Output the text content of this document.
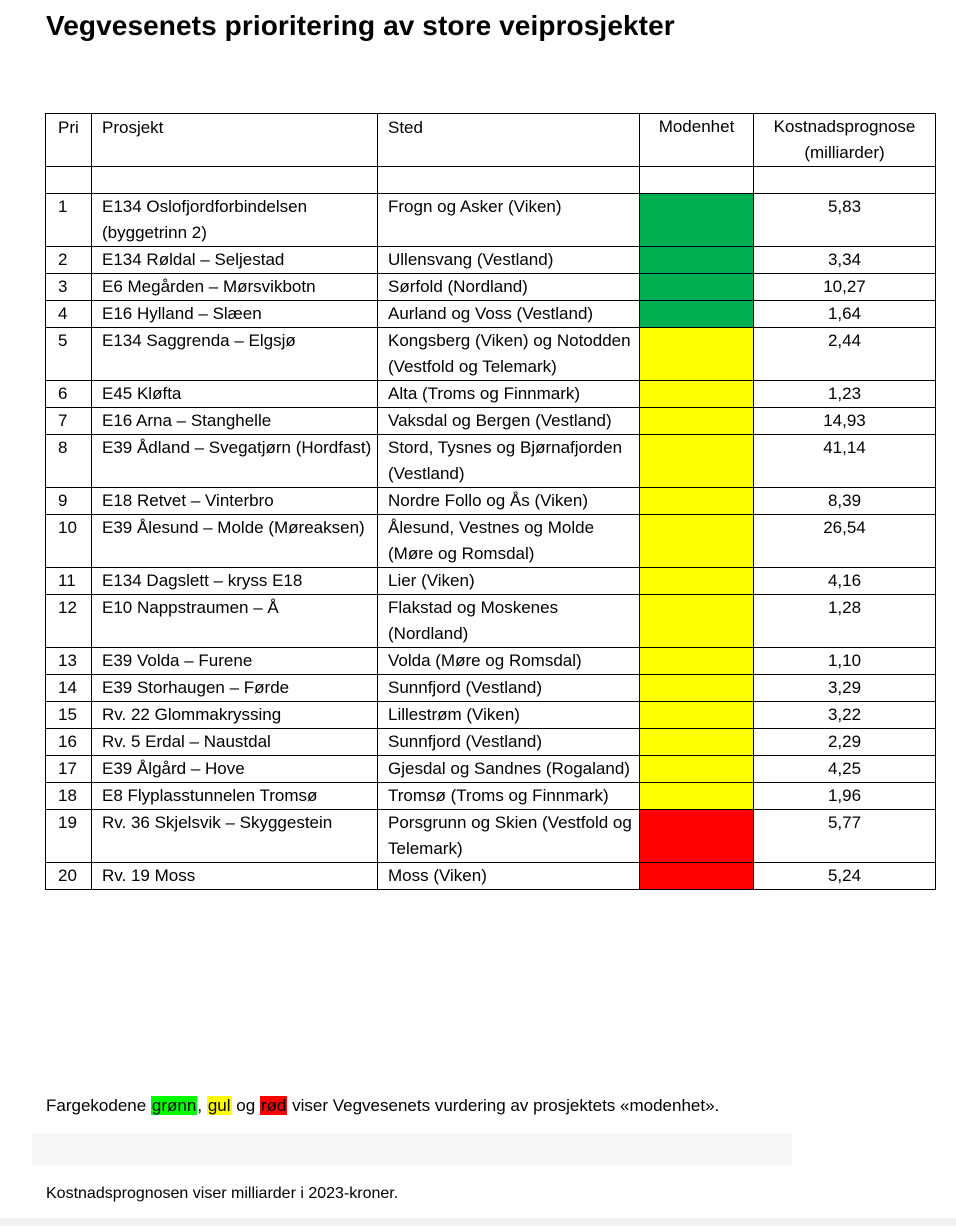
Vegvesenets prioritering av store veiprosjekter
Pri	Prosjekt	Sted	Modenhet	Kostnadsprognose (milliarder)

1	E134 Oslofjordforbindelsen (byggetrinn 2)	Frogn og Asker (Viken)		5,83
2	E134 Røldal – Seljestad	Ullensvang (Vestland)		3,34
3	E6 Megården – Mørsvikbotn	Sørfold (Nordland)		10,27
4	E16 Hylland – Slæen	Aurland og Voss (Vestland)		1,64
5	E134 Saggrenda – Elgsjø	Kongsberg (Viken) og Notodden (Vestfold og Telemark)		2,44
6	E45 Kløfta	Alta (Troms og Finnmark)		1,23
7	E16 Arna – Stanghelle	Vaksdal og Bergen (Vestland)		14,93
8	E39 Ådland – Svegatjørn (Hordfast)	Stord, Tysnes og Bjørnafjorden (Vestland)		41,14
9	E18 Retvet – Vinterbro	Nordre Follo og Ås (Viken)		8,39
10	E39 Ålesund – Molde (Møreaksen)	Ålesund, Vestnes og Molde (Møre og Romsdal)		26,54
11	E134 Dagslett – kryss E18	Lier (Viken)		4,16
12	E10 Nappstraumen – Å	Flakstad og Moskenes (Nordland)		1,28
13	E39 Volda – Furene	Volda (Møre og Romsdal)		1,10
14	E39 Storhaugen – Førde	Sunnfjord (Vestland)		3,29
15	Rv. 22 Glommakryssing	Lillestrøm (Viken)		3,22
16	Rv. 5 Erdal – Naustdal	Sunnfjord (Vestland)		2,29
17	E39 Ålgård – Hove	Gjesdal og Sandnes (Rogaland)		4,25
18	E8 Flyplasstunnelen Tromsø	Tromsø (Troms og Finnmark)		1,96
19	Rv. 36 Skjelsvik – Skyggestein	Porsgrunn og Skien (Vestfold og Telemark)		5,77
20	Rv. 19 Moss	Moss (Viken)		5,24

Fargekodene grønn, gul og rød viser Vegvesenets vurdering av prosjektets «modenhet».

Kostnadsprognosen viser milliarder i 2023-kroner.
